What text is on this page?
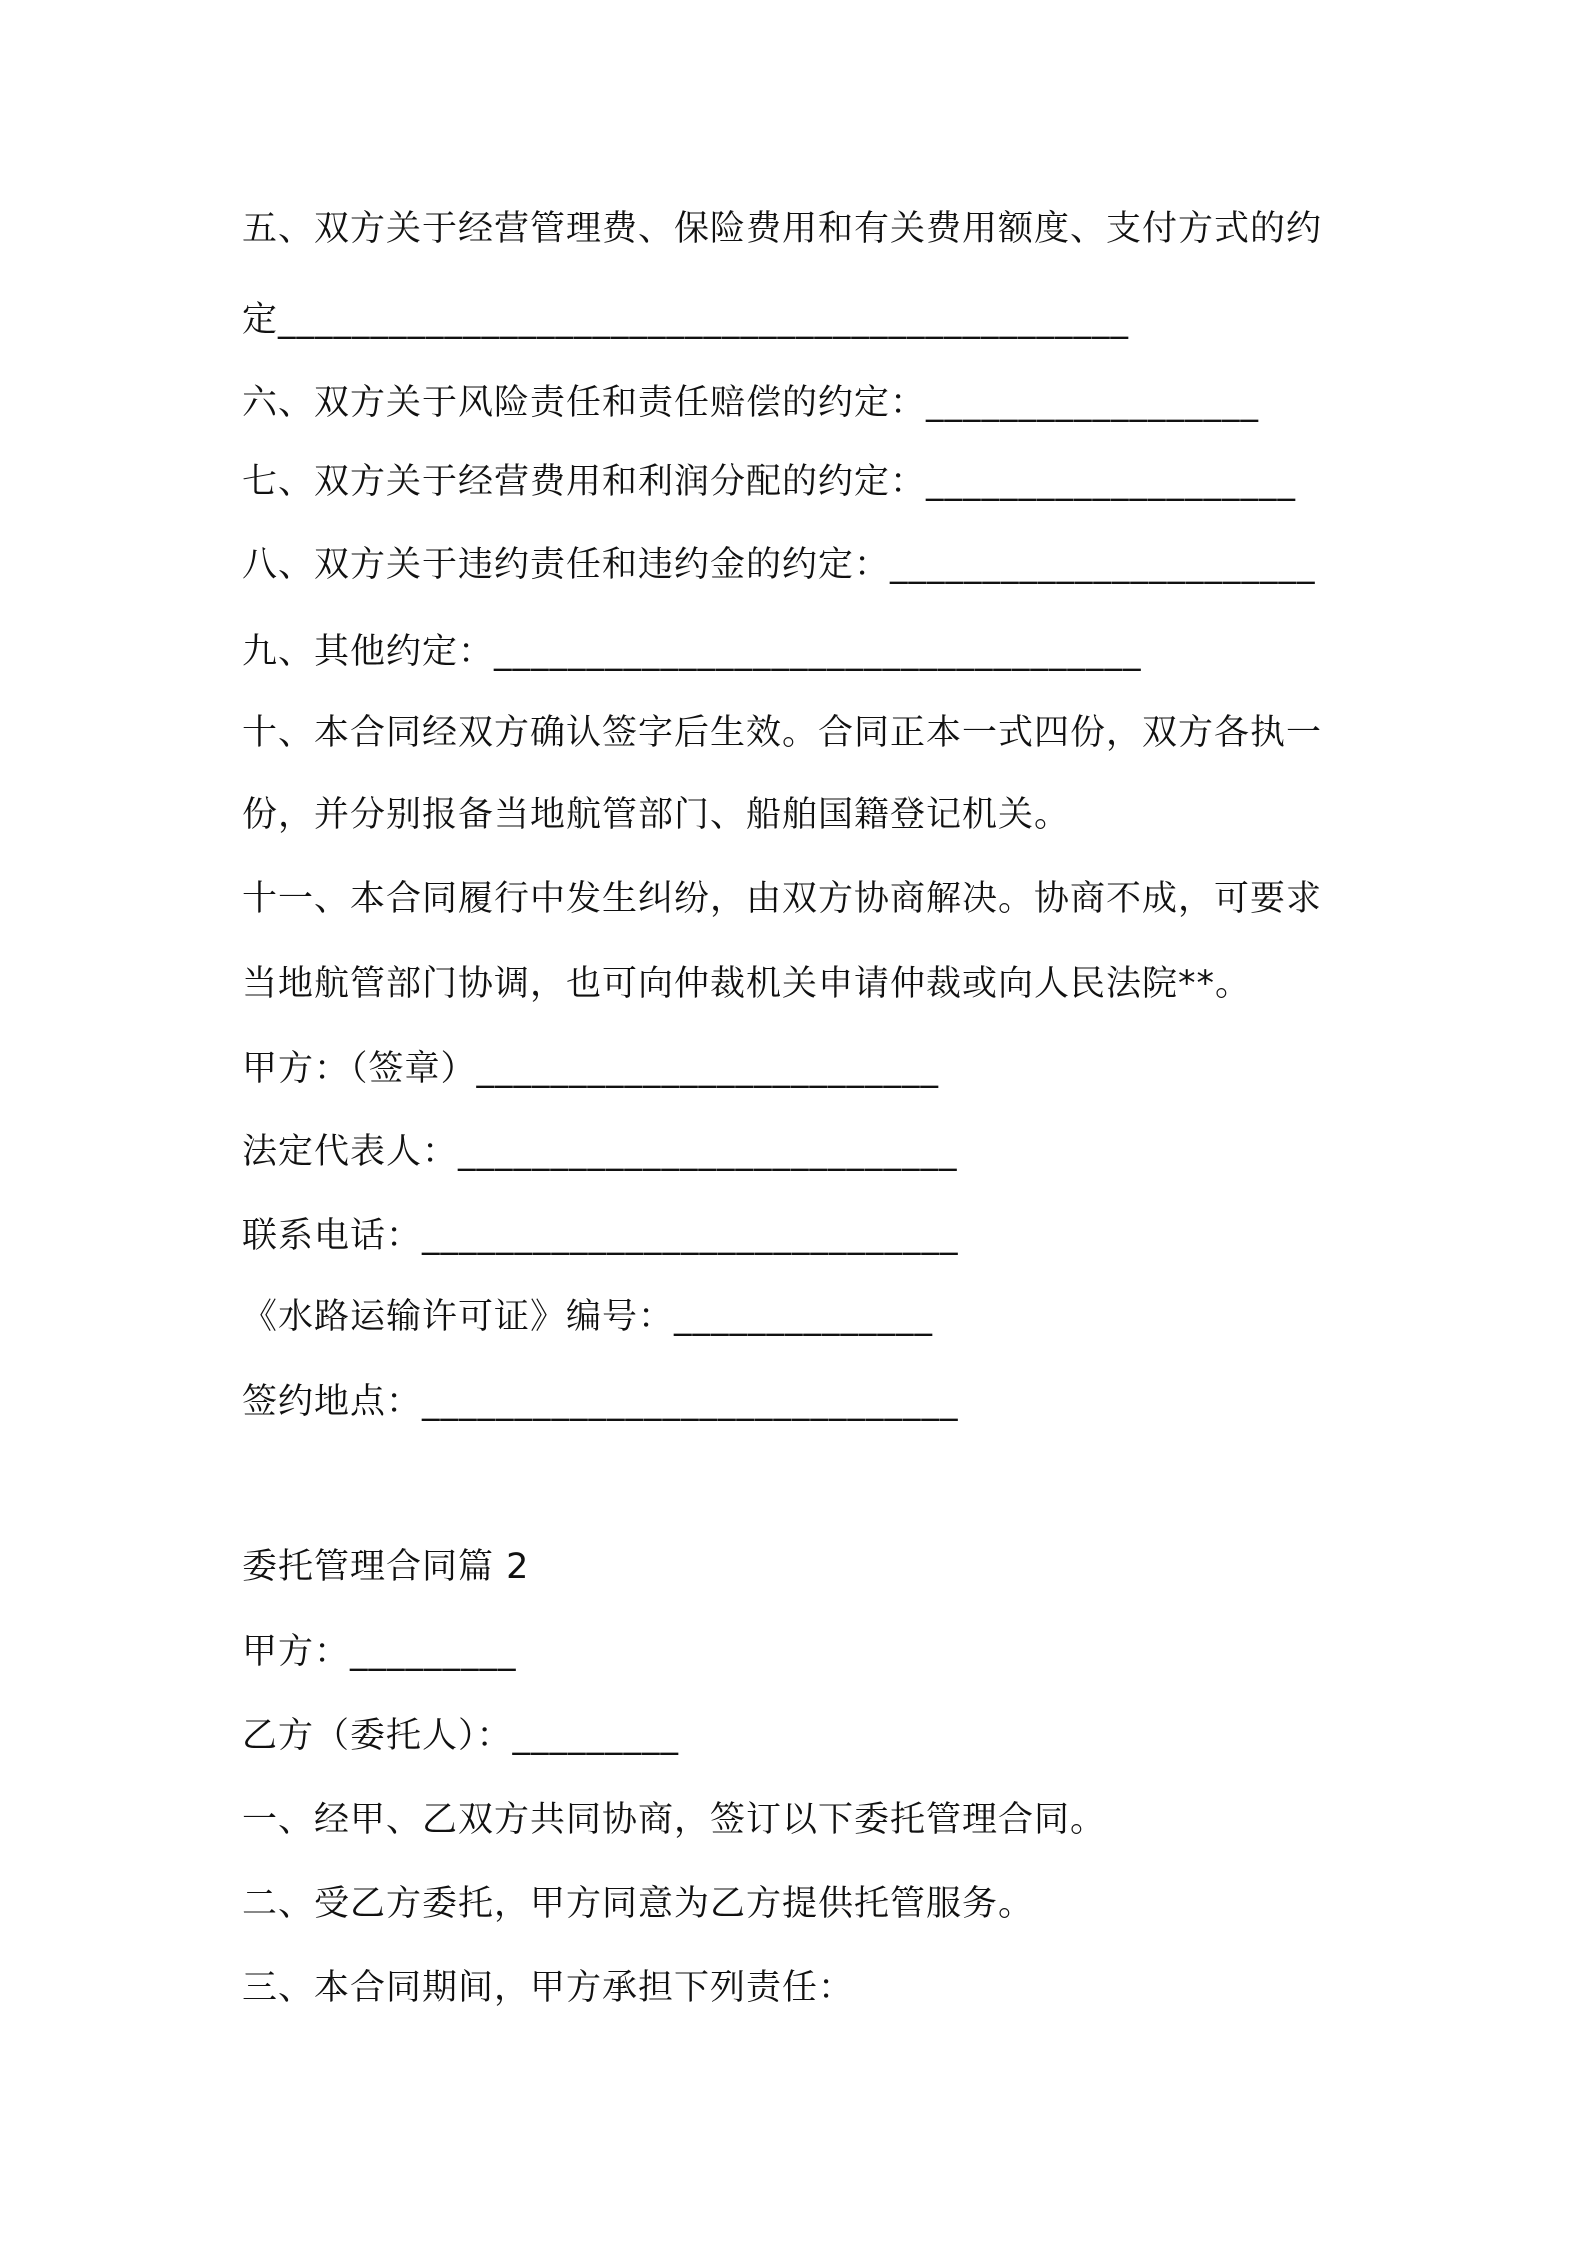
五、双方关于经营管理费、保险费用和有关费用额度、支付方式的约
定______________________________________________
六、双方关于风险责任和责任赔偿的约定：__________________
七、双方关于经营费用和利润分配的约定：____________________
八、双方关于违约责任和违约金的约定：_______________________
九、其他约定：___________________________________
十、本合同经双方确认签字后生效。合同正本一式四份，双方各执一
份，并分别报备当地航管部门、船舶国籍登记机关。
十一、本合同履行中发生纠纷，由双方协商解决。协商不成，可要求
当地航管部门协调，也可向仲裁机关申请仲裁或向人民法院**。
甲方：（签章）_________________________
法定代表人：___________________________
联系电话：_____________________________
《水路运输许可证》编号：______________
签约地点：_____________________________
委托管理合同篇 2
甲方：_________
乙方（委托人）：_________
一、经甲、乙双方共同协商，签订以下委托管理合同。
二、受乙方委托，甲方同意为乙方提供托管服务。
三、本合同期间，甲方承担下列责任：
